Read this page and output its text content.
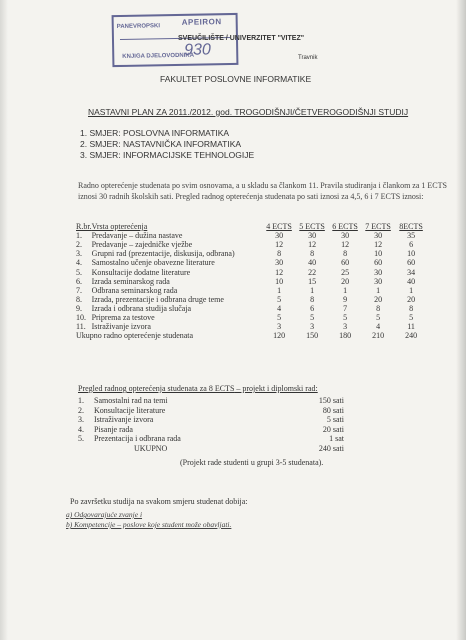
PANEVROPSKI	APEIRON
KNJIGA DJELOVODNIKA
930
SVEUČILIŠTE / UNIVERZITET "VITEZ"
Travnik
FAKULTET POSLOVNE INFORMATIKE
NASTAVNI PLAN ZA 2011./2012. god. TROGODIŠNJI/ČETVEROGODIŠNJI STUDIJ
1. SMJER: POSLOVNA INFORMATIKA
2. SMJER: NASTAVNIČKA INFORMATIKA
3. SMJER: INFORMACIJSKE TEHNOLOGIJE
Radno opterećenje studenata po svim osnovama, a u skladu sa člankom 11. Pravila studiranja i člankom za 1 ECTS iznosi 30 radnih školskih sati. Pregled radnog opterećenja studenata po sati iznosi za 4,5, 6 i 7 ECTS iznosi:
R.br.	Vrsta opterećenja	4 ECTS	5 ECTS	6 ECTS	7 ECTS	8ECTS
1.	Predavanje – dužina nastave	30	30	30	30	35
2.	Predavanje – zajedničke vježbe	12	12	12	12	6
3.	Grupni rad (prezentacije, diskusija, odbrana)	8	8	8	10	10
4.	Samostalno učenje obavezne literature	30	40	60	60	60
5.	Konsultacije dodatne literature	12	22	25	30	34
6.	Izrada seminarskog rada	10	15	20	30	40
7.	Odbrana seminarskog rada	1	1	1	1	1
8.	Izrada, prezentacije i odbrana druge teme	5	8	9	20	20
9.	Izrada i odbrana studija slučaja	4	6	7	8	8
10.	Priprema za testove	5	5	5	5	5
11.	Istraživanje izvora	3	3	3	4	11
Ukupno radno opterećenje studenata		120	150	180	210	240
Pregled radnog opterećenja studenata za 8 ECTS – projekt i diplomski rad:
1.	Samostalni rad na temi	150 sati
2.	Konsultacije literature	80 sati
3.	Istraživanje izvora	5 sati
4.	Pisanje rada	20 sati
5.	Prezentacija i odbrana rada	1 sat
	UKUPNO	240 sati
(Projekt rade studenti u grupi 3-5 studenata).
Po završetku studija na svakom smjeru studenat dobija:
a) Odgovarajuće zvanje i
b) Kompetencije – poslove koje student može obavljati.
